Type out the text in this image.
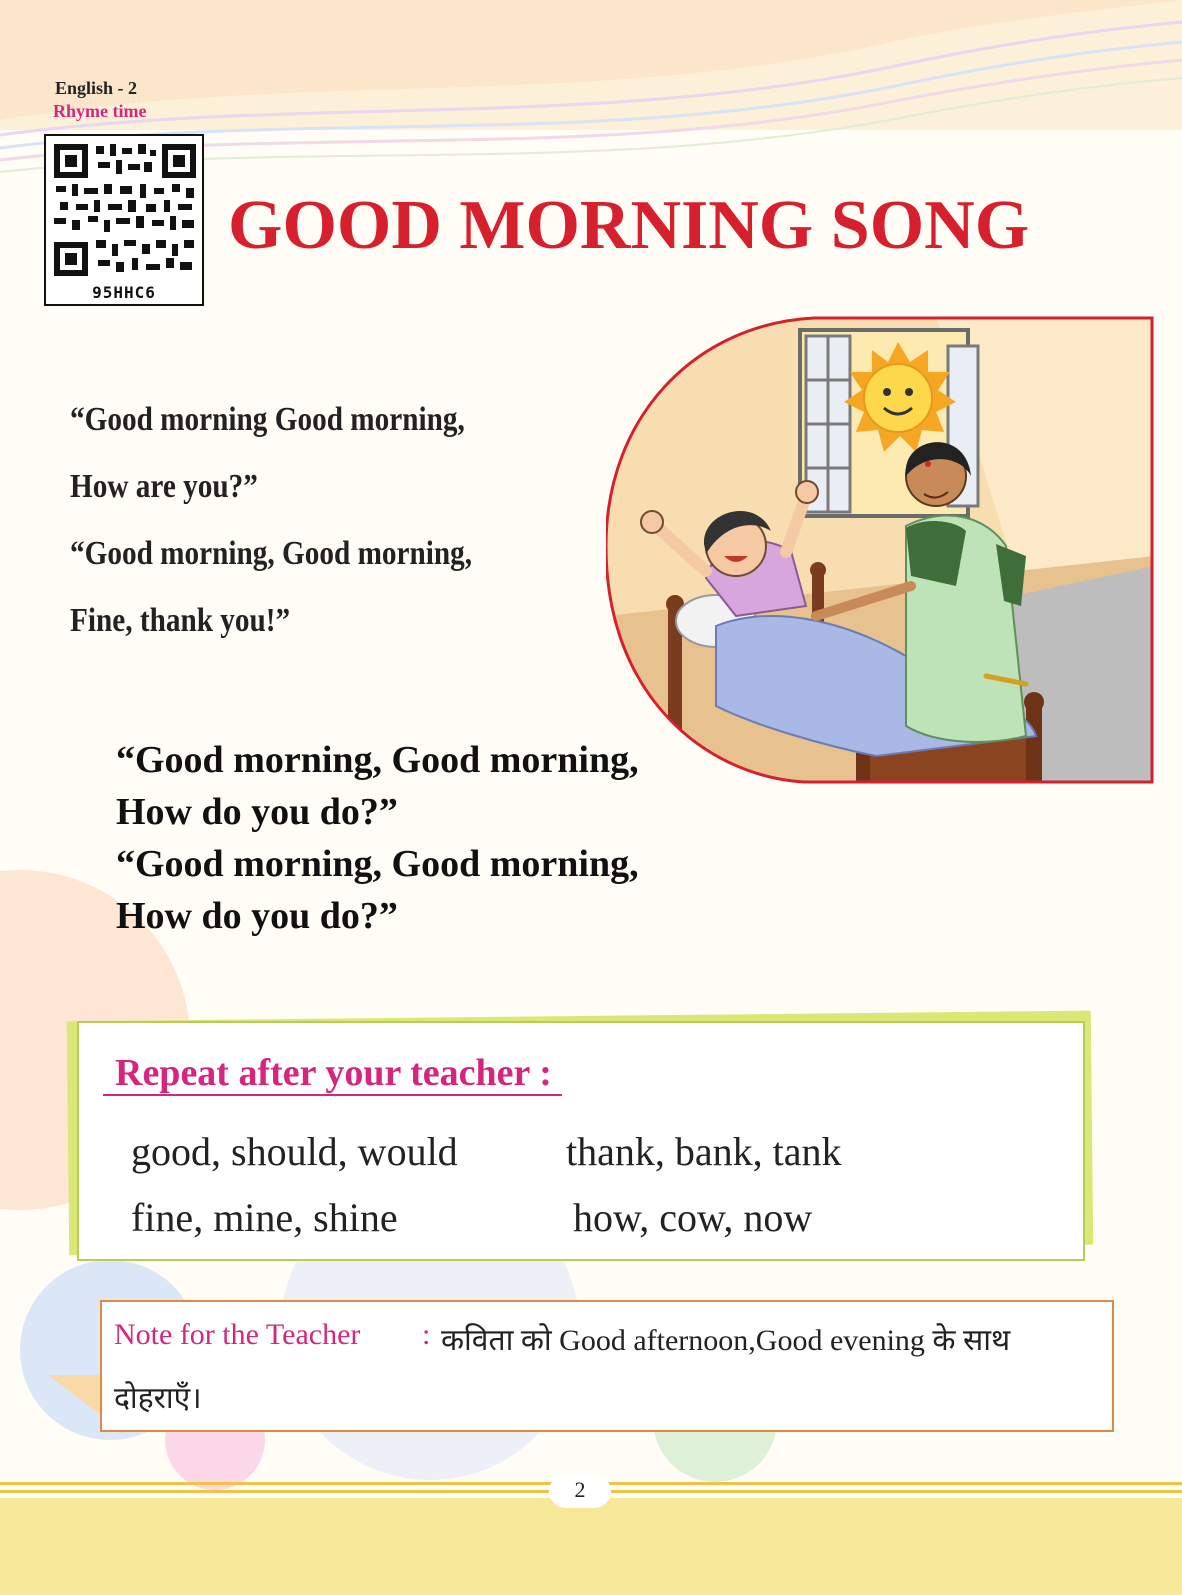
English - 2
Rhyme time
95HHC6
GOOD MORNING SONG
“Good morning Good morning,
How are you?”
“Good morning, Good morning,
Fine, thank you!”
“Good morning, Good morning,
How do you do?”
“Good morning, Good morning,
How do you do?”
Repeat after your teacher :
good, should, would	thank, bank, tank
fine, mine, shine	how, cow, now
Note for the Teacher : कविता को Good afternoon,Good evening के साथ
दोहराएँ।
2
